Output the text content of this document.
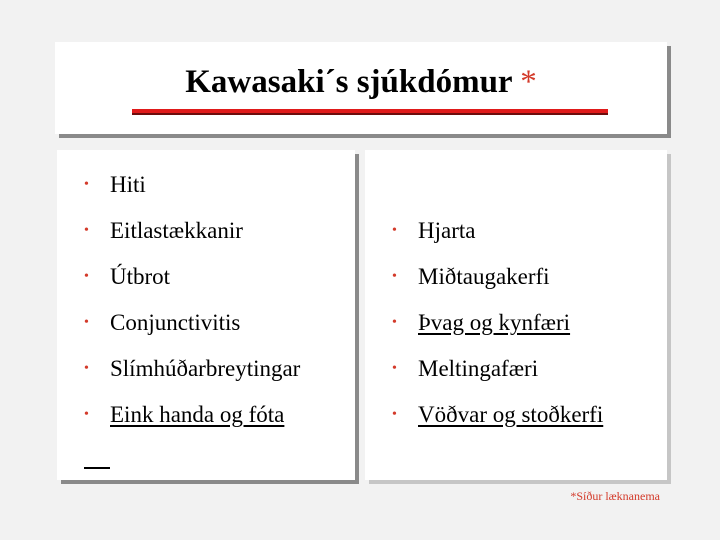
Kawasaki´s sjúkdómur *
• Hiti
• Eitlastækkanir
• Útbrot
• Conjunctivitis
• Slímhúðarbreytingar
• Eink handa og fóta
• Hjarta
• Miðtaugakerfi
• Þvag og kynfæri
• Meltingafæri
• Vöðvar og stoðkerfi
*Síður læknanema
